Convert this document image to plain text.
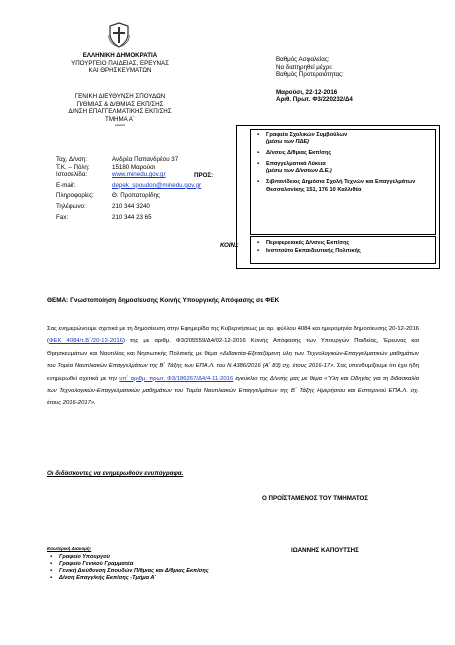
ΕΛΛΗΝΙΚΗ ΔΗΜΟΚΡΑΤΙΑ
ΥΠΟΥΡΓΕΙΟ ΠΑΙΔΕΙΑΣ, ΕΡΕΥΝΑΣ
ΚΑΙ ΘΡΗΣΚΕΥΜΑΤΩΝ
ΓΕΝΙΚΗ ΔΙΕΥΘΥΝΣΗ ΣΠΟΥΔΩΝ
Π/ΘΜΙΑΣ & Δ/ΘΜΙΑΣ ΕΚΠ/ΣΗΣ
Δ/ΝΣΗ ΕΠΑΓΓΕΛΜΑΤΙΚΗΣ ΕΚΠ/ΣΗΣ
ΤΜΗΜΑ Α΄
-----
Ταχ. Δ/νση:	Ανδρέα Παπανδρέου 37
Τ.Κ. – Πόλη:	15180 Μαρούσι
Ιστοσελίδα:	www.minedu.gov.gr
E-mail:	depek_spoudon@minedu.gov.gr
Πληροφορίες:	Θ. Προπατορίδης
Τηλέφωνο:	210 344 3240
Fax:	210 344 23 65
Βαθμός Ασφαλείας:
Να διατηρηθεί μέχρι:
Βαθμός Προτεραιότητας:
Μαρούσι, 22-12-2016
Αριθ. Πρωτ. Φ3/220232/Δ4
ΠΡΟΣ:
▪ Γραφεία Σχολικών Συμβούλων
(μέσω των ΠΔΕ)
▪ Δ/νσεις Δ/θμιας Εκπ/σης
▪ Επαγγελματικά Λύκεια
(μέσω των Δ/νσεων Δ.Ε.)
▪ Σιβιτανίδειος Δημόσια Σχολή Τεχνών και Επαγγελμάτων
Θεσσαλονίκης 151, 176 10 Καλλιθέα
ΚΟΙΝ.:
▪	Περιφερειακές Δ/νσεις Εκπ/σης
▪ Ινστιτούτο Εκπαιδευτικής Πολιτικής
ΘΕΜΑ: Γνωστοποίηση δημοσίευσης Κοινής Υπουργικής Απόφασης σε ΦΕΚ
Σας ενημερώνουμε σχετικά με τη δημοσίευση στην Εφημερίδα της Κυβερνήσεως με αρ. φύλλου 4084 και ημερομηνία δημοσίευσης 20-12-2016 (ΦΕΚ 4084/τ.Β΄/20-12-2016) της με αριθμ. Φ3/205559/Δ4/02-12-2016 Κοινής Απόφασης των Υπουργών Παιδείας, Έρευνας και Θρησκευμάτων και Ναυτιλίας και Νησιωτικής Πολιτικής με θέμα «Διδακτέα-Εξεταζόμενη ύλη των Τεχνολογικών-Επαγγελματικών μαθημάτων του Τομέα Ναυτιλιακών Επαγγελμάτων της Β΄ Τάξης των ΕΠΑ.Λ. του Ν.4386/2016 (Α΄ 83) σχ. έτους 2016-17». Σας υπενθυμίζουμε ότι έχει ήδη ενημερωθεί σχετικά με την υπ΄ αριθμ. πρωτ. Φ3/186267/Δ4/4-11-2016 εγκύκλιο της Δ/νσής μας με θέμα «Ύλη και Οδηγίες για τη διδασκαλία των Τεχνολογικών-Επαγγελματικών μαθημάτων του Τομέα Ναυτιλιακών Επαγγελμάτων της Β΄ Τάξης Ημερήσιου και Εσπερινού ΕΠΑ.Λ. σχ. έτους 2016-2017».
Οι διδάσκοντες να ενημερωθούν ενυπόγραφα.
Ο ΠΡΟΪΣΤΑΜΕΝΟΣ ΤΟΥ ΤΜΗΜΑΤΟΣ
ΙΩΑΝΝΗΣ ΚΑΠΟΥΤΣΗΣ
Εσωτερική Διανομή:
▪ Γραφείο Υπουργού
▪ Γραφείο Γενικού Γραμματέα
▪ Γενική Διεύθυνση Σπουδών Π/θμιας και Δ/θμιας Εκπ/σης
▪ Δ/νση Επαγγ/κής Εκπ/σης -Τμήμα Α΄
